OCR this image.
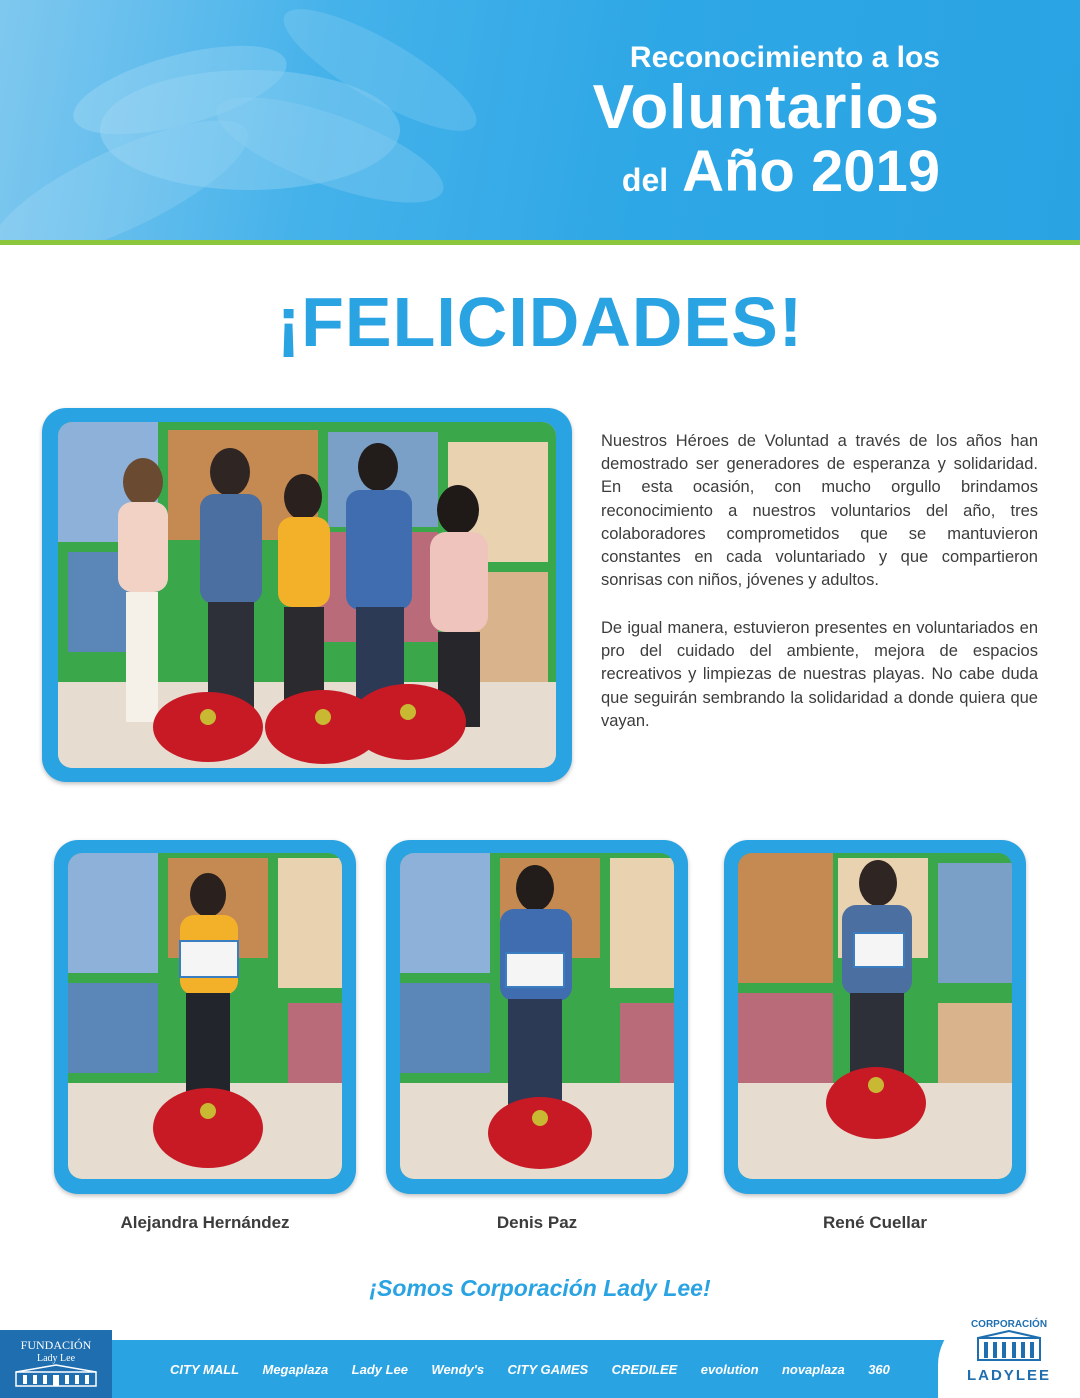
Reconocimiento a los
Voluntarios
del Año 2019
¡FELICIDADES!
Nuestros Héroes de Voluntad a través de los años han demostrado ser generadores de esperanza y solidaridad. En esta ocasión, con mucho orgullo brindamos reconocimiento a nuestros voluntarios del año, tres colaboradores comprometidos que se mantuvieron constantes en cada voluntariado y que compartieron sonrisas con niños, jóvenes y adultos.
De igual manera, estuvieron presentes en voluntariados en pro del cuidado del ambiente, mejora de espacios recreativos y limpiezas de nuestras playas. No cabe duda que seguirán sembrando la solidaridad a donde quiera que vayan.
Alejandra Hernández	Denis Paz	René Cuellar
¡Somos Corporación Lady Lee!
FUNDACIÓN
Lady Lee
CITY MALL Megaplaza Lady Lee Wendy's CITY GAMES CREDILEE evolution novaplaza 360
CORPORACIÓN
LADYLEE
